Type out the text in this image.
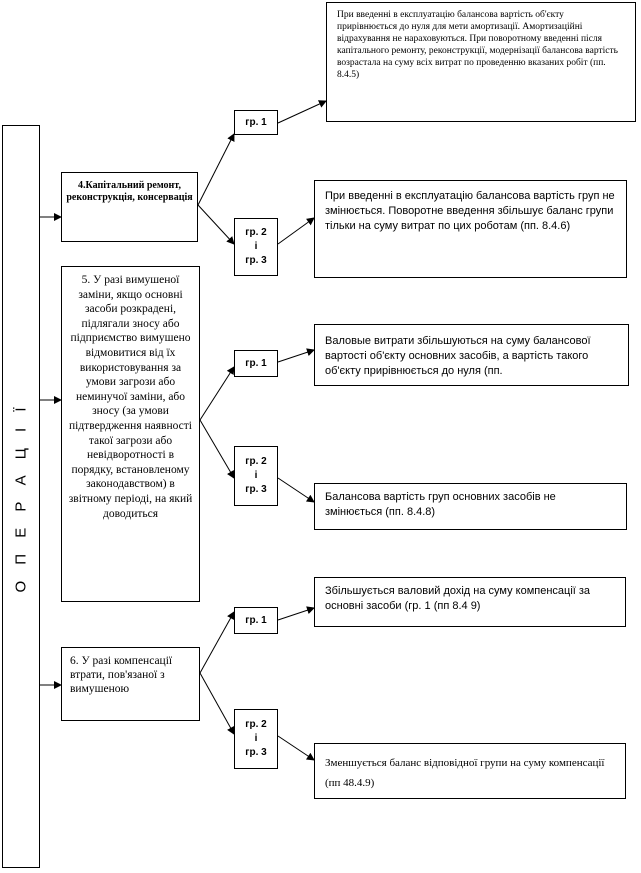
О П Е Р А Ц І Ї
4.Капітальний ремонт, реконструкція, консервація
гр. 1
гр. 2
і
гр. 3
При введенні в експлуатацію балансова вартість об'єкту прирівнюється до нуля для мети амортизації. Амортизаційні відрахування не нараховуються. При поворотному введенні після капітального ремонту, реконструкції, модернізації балансова вартість возрастала на суму всіх витрат по проведенню вказаних робіт (пп. 8.4.5)
При введенні в експлуатацію балансова вартість груп не змінюється. Поворотне введення збільшує баланс групи тільки на суму витрат по цих роботам (пп. 8.4.6)
5. У разі вимушеної заміни, якщо основні засоби розкрадені, підлягали зносу або підприємство вимушено відмовитися від їх використовування за умови загрози або неминучої заміни, або зносу (за умови підтвердження наявності такої загрози або невідворотності в порядку, встановленому законодавством) в звітному періоді, на який доводиться
гр. 1
гр. 2
і
гр. 3
Валовые витрати збільшуються на суму балансової вартості об'єкту основних засобів, а вартість такого об'єкту прирівнюється до нуля (пп.
Балансова вартість груп основних засобів не змінюється (пп. 8.4.8)
6. У разі компенсації втрати, пов'язаної з вимушеною
гр. 1
гр. 2
і
гр. 3
Збільшується валовий дохід на суму компенсації за основні засоби (гр. 1 (пп 8.4 9)
Зменшується баланс відповідної групи на суму компенсації (пп 48.4.9)
